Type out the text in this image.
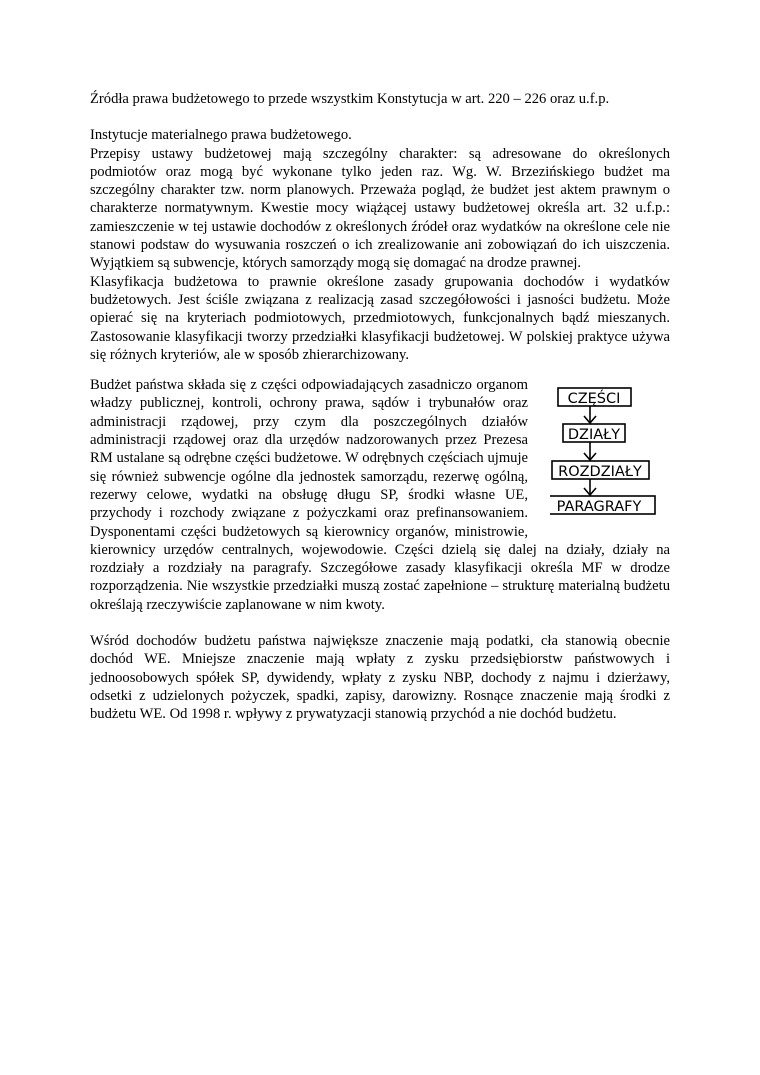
Źródła prawa budżetowego to przede wszystkim Konstytucja w art. 220 – 226 oraz u.f.p.

Instytucje materialnego prawa budżetowego.

Przepisy ustawy budżetowej mają szczególny charakter: są adresowane do określonych podmiotów oraz mogą być wykonane tylko jeden raz. Wg. W. Brzezińskiego budżet ma szczególny charakter tzw. norm planowych. Przeważa pogląd, że budżet jest aktem prawnym o charakterze normatywnym. Kwestie mocy wiążącej ustawy budżetowej określa art. 32 u.f.p.: zamieszczenie w tej ustawie dochodów z określonych źródeł oraz wydatków na określone cele nie stanowi podstaw do wysuwania roszczeń o ich zrealizowanie ani zobowiązań do ich uiszczenia. Wyjątkiem są subwencje, których samorządy mogą się domagać na drodze prawnej.

Klasyfikacja budżetowa to prawnie określone zasady grupowania dochodów i wydatków budżetowych. Jest ściśle związana z realizacją zasad szczegółowości i jasności budżetu. Może opierać się na kryteriach podmiotowych, przedmiotowych, funkcjonalnych bądź mieszanych. Zastosowanie klasyfikacji tworzy przedziałki klasyfikacji budżetowej. W polskiej praktyce używa się różnych kryteriów, ale w sposób zhierarchizowany.

CZĘŚCI
DZIAŁY
ROZDZIAŁY
PARAGRAFY

Budżet państwa składa się z części odpowiadających zasadniczo organom władzy publicznej, kontroli, ochrony prawa, sądów i trybunałów oraz administracji rządowej, przy czym dla poszczególnych działów administracji rządowej oraz dla urzędów nadzorowanych przez Prezesa RM ustalane są odrębne części budżetowe. W odrębnych częściach ujmuje się również subwencje ogólne dla jednostek samorządu, rezerwę ogólną, rezerwy celowe, wydatki na obsługę długu SP, środki własne UE, przychody i rozchody związane z pożyczkami oraz prefinansowaniem. Dysponentami części budżetowych są kierownicy organów, ministrowie, kierownicy urzędów centralnych, wojewodowie. Części dzielą się dalej na działy, działy na rozdziały a rozdziały na paragrafy. Szczegółowe zasady klasyfikacji określa MF w drodze rozporządzenia. Nie wszystkie przedziałki muszą zostać zapełnione – strukturę materialną budżetu określają rzeczywiście zaplanowane w nim kwoty.

Wśród dochodów budżetu państwa największe znaczenie mają podatki, cła stanowią obecnie dochód WE. Mniejsze znaczenie mają wpłaty z zysku przedsiębiorstw państwowych i jednoosobowych spółek SP, dywidendy, wpłaty z zysku NBP, dochody z najmu i dzierżawy, odsetki z udzielonych pożyczek, spadki, zapisy, darowizny. Rosnące znaczenie mają środki z budżetu WE. Od 1998 r. wpływy z prywatyzacji stanowią przychód a nie dochód budżetu.
